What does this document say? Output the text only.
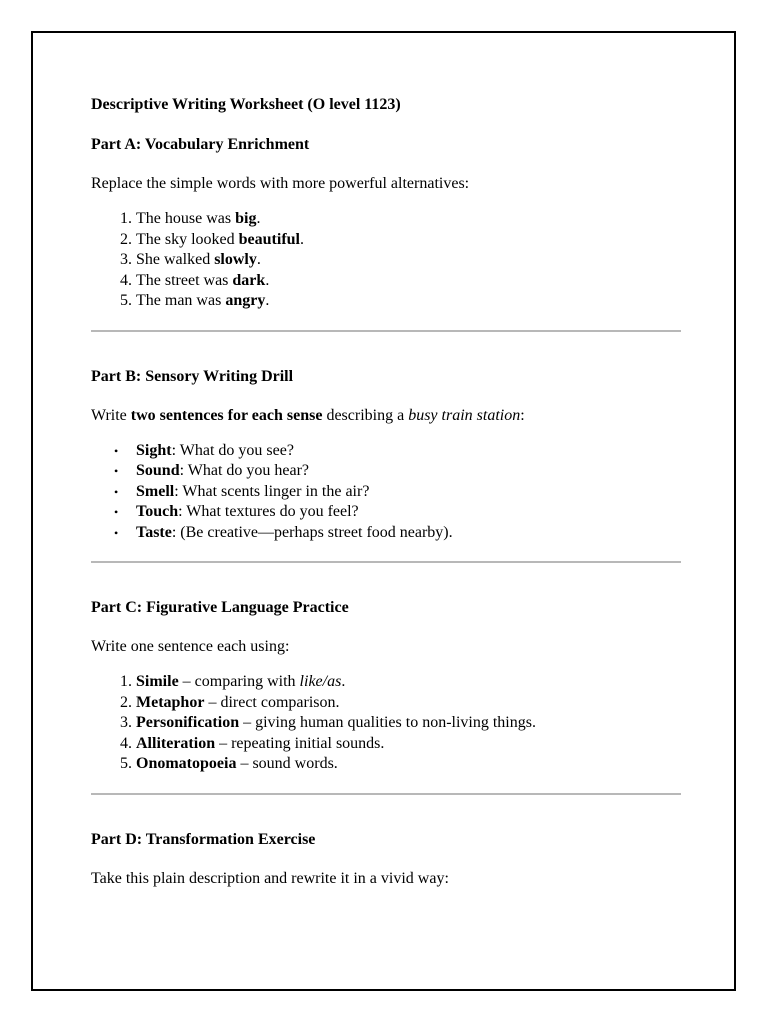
Descriptive Writing Worksheet (O level 1123)

Part A: Vocabulary Enrichment

Replace the simple words with more powerful alternatives:

1. The house was big.
2. The sky looked beautiful.
3. She walked slowly.
4. The street was dark.
5. The man was angry.

Part B: Sensory Writing Drill

Write two sentences for each sense describing a busy train station:

• Sight: What do you see?
• Sound: What do you hear?
• Smell: What scents linger in the air?
• Touch: What textures do you feel?
• Taste: (Be creative—perhaps street food nearby).

Part C: Figurative Language Practice

Write one sentence each using:

1. Simile – comparing with like/as.
2. Metaphor – direct comparison.
3. Personification – giving human qualities to non-living things.
4. Alliteration – repeating initial sounds.
5. Onomatopoeia – sound words.

Part D: Transformation Exercise

Take this plain description and rewrite it in a vivid way:
